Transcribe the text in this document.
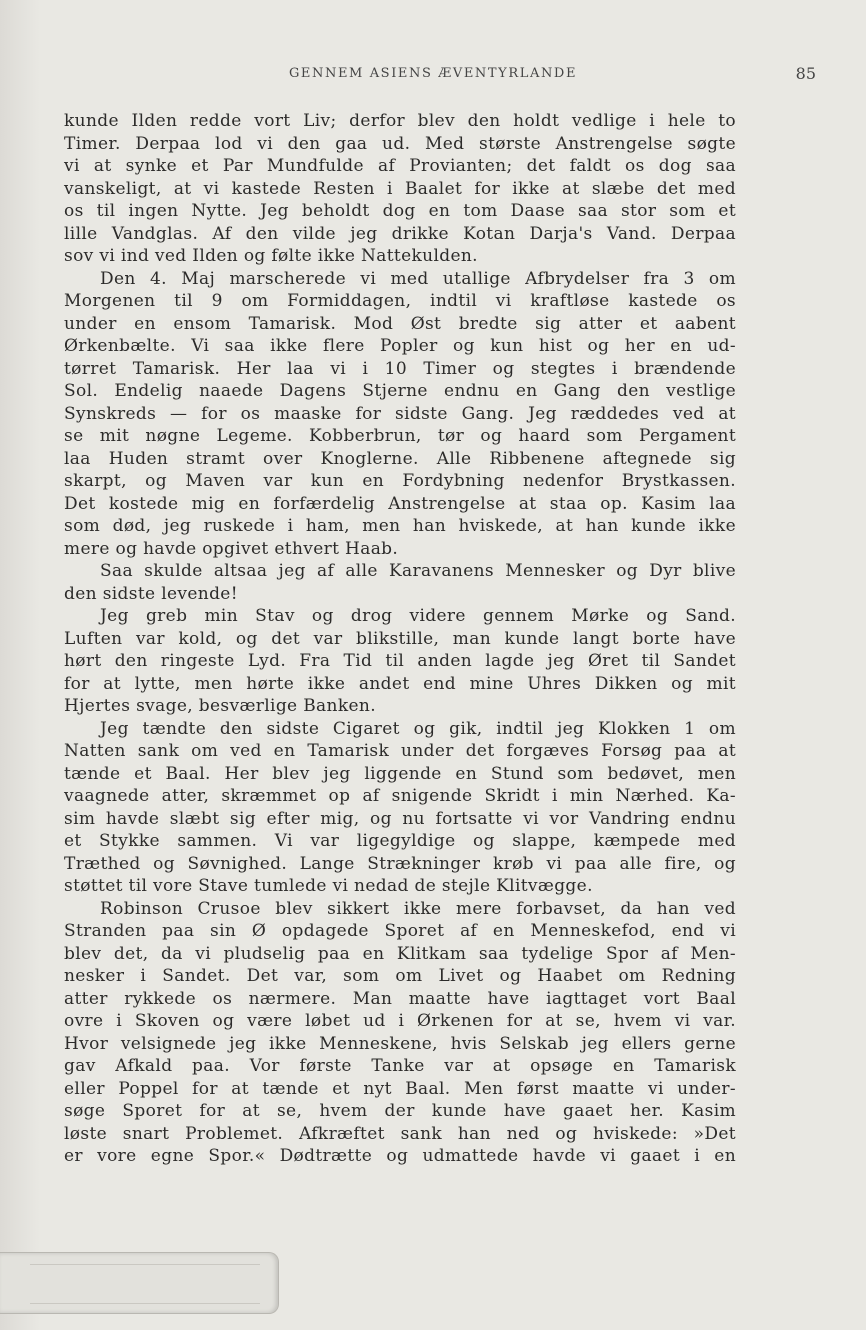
GENNEM ASIENS ÆVENTYRLANDE	85
kunde Ilden redde vort Liv; derfor blev den holdt vedlige i hele to
Timer. Derpaa lod vi den gaa ud. Med største Anstrengelse søgte
vi at synke et Par Mundfulde af Provianten; det faldt os dog saa
vanskeligt, at vi kastede Resten i Baalet for ikke at slæbe det med
os til ingen Nytte. Jeg beholdt dog en tom Daase saa stor som et
lille Vandglas. Af den vilde jeg drikke Kotan Darja's Vand. Derpaa
sov vi ind ved Ilden og følte ikke Nattekulden.
Den 4. Maj marscherede vi med utallige Afbrydelser fra 3 om
Morgenen til 9 om Formiddagen, indtil vi kraftløse kastede os
under en ensom Tamarisk. Mod Øst bredte sig atter et aabent
Ørkenbælte. Vi saa ikke flere Popler og kun hist og her en ud-
tørret Tamarisk. Her laa vi i 10 Timer og stegtes i brændende
Sol. Endelig naaede Dagens Stjerne endnu en Gang den vestlige
Synskreds — for os maaske for sidste Gang. Jeg ræddedes ved at
se mit nøgne Legeme. Kobberbrun, tør og haard som Pergament
laa Huden stramt over Knoglerne. Alle Ribbenene aftegnede sig
skarpt, og Maven var kun en Fordybning nedenfor Brystkassen.
Det kostede mig en forfærdelig Anstrengelse at staa op. Kasim laa
som død, jeg ruskede i ham, men han hviskede, at han kunde ikke
mere og havde opgivet ethvert Haab.
Saa skulde altsaa jeg af alle Karavanens Mennesker og Dyr blive
den sidste levende!
Jeg greb min Stav og drog videre gennem Mørke og Sand.
Luften var kold, og det var blikstille, man kunde langt borte have
hørt den ringeste Lyd. Fra Tid til anden lagde jeg Øret til Sandet
for at lytte, men hørte ikke andet end mine Uhres Dikken og mit
Hjertes svage, besværlige Banken.
Jeg tændte den sidste Cigaret og gik, indtil jeg Klokken 1 om
Natten sank om ved en Tamarisk under det forgæves Forsøg paa at
tænde et Baal. Her blev jeg liggende en Stund som bedøvet, men
vaagnede atter, skræmmet op af snigende Skridt i min Nærhed. Ka-
sim havde slæbt sig efter mig, og nu fortsatte vi vor Vandring endnu
et Stykke sammen. Vi var ligegyldige og slappe, kæmpede med
Træthed og Søvnighed. Lange Strækninger krøb vi paa alle fire, og
støttet til vore Stave tumlede vi nedad de stejle Klitvægge.
Robinson Crusoe blev sikkert ikke mere forbavset, da han ved
Stranden paa sin Ø opdagede Sporet af en Menneskefod, end vi
blev det, da vi pludselig paa en Klitkam saa tydelige Spor af Men-
nesker i Sandet. Det var, som om Livet og Haabet om Redning
atter rykkede os nærmere. Man maatte have iagttaget vort Baal
ovre i Skoven og være løbet ud i Ørkenen for at se, hvem vi var.
Hvor velsignede jeg ikke Menneskene, hvis Selskab jeg ellers gerne
gav Afkald paa. Vor første Tanke var at opsøge en Tamarisk
eller Poppel for at tænde et nyt Baal. Men først maatte vi under-
søge Sporet for at se, hvem der kunde have gaaet her. Kasim
løste snart Problemet. Afkræftet sank han ned og hviskede: »Det
er vore egne Spor.« Dødtrætte og udmattede havde vi gaaet i en
